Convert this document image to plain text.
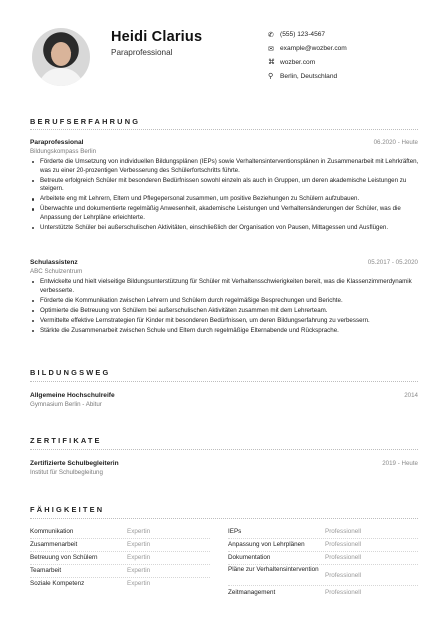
Heidi Clarius
Paraprofessional
✆ (555) 123-4567
✉ example@wozber.com
⌘ wozber.com
⚲	Berlin, Deutschland
BERUFSERFAHRUNG
Paraprofessional	06.2020 - Heute
Bildungskompass Berlin
Förderte die Umsetzung von individuellen Bildungsplänen (IEPs) sowie Verhaltensinterventionsplänen in Zusammenarbeit mit Lehrkräften, was zu einer 20-prozentigen Verbesserung des Schülerfortschritts führte.
Betreute erfolgreich Schüler mit besonderen Bedürfnissen sowohl einzeln als auch in Gruppen, um deren akademische Leistungen zu steigern.
Arbeitete eng mit Lehrern, Eltern und Pflegepersonal zusammen, um positive Beziehungen zu Schülern aufzubauen.
Überwachte und dokumentierte regelmäßig Anwesenheit, akademische Leistungen und Verhaltensänderungen der Schüler, was die Anpassung der Lehrpläne erleichterte.
Unterstützte Schüler bei außerschulischen Aktivitäten, einschließlich der Organisation von Pausen, Mittagessen und Ausflügen.
Schulassistenz	05.2017 - 05.2020
ABC Schulzentrum
Entwickelte und hielt vielseitige Bildungsunterstützung für Schüler mit Verhaltensschwierigkeiten bereit, was die Klassenzimmerdynamik verbesserte.
Förderte die Kommunikation zwischen Lehrern und Schülern durch regelmäßige Besprechungen und Berichte.
Optimierte die Betreuung von Schülern bei außerschulischen Aktivitäten zusammen mit dem Lehrerteam.
Vermittelte effektive Lernstrategien für Kinder mit besonderen Bedürfnissen, um deren Bildungserfahrung zu verbessern.
Stärkte die Zusammenarbeit zwischen Schule und Eltern durch regelmäßige Elternabende und Rücksprache.
BILDUNGSWEG
Allgemeine Hochschulreife	2014
Gymnasium Berlin - Abitur
ZERTIFIKATE
Zertifizierte Schulbegleiterin	2019 - Heute
Institut für Schulbegleitung
FÄHIGKEITEN
Kommunikation	Expertin
Zusammenarbeit	Expertin
Betreuung von Schülern	Expertin
Teamarbeit	Expertin
Soziale Kompetenz	Expertin
IEPs	Professionell
Anpassung von Lehrplänen	Professionell
Dokumentation	Professionell
Pläne zur Verhaltensintervention
Professionell
Zeitmanagement	Professionell
